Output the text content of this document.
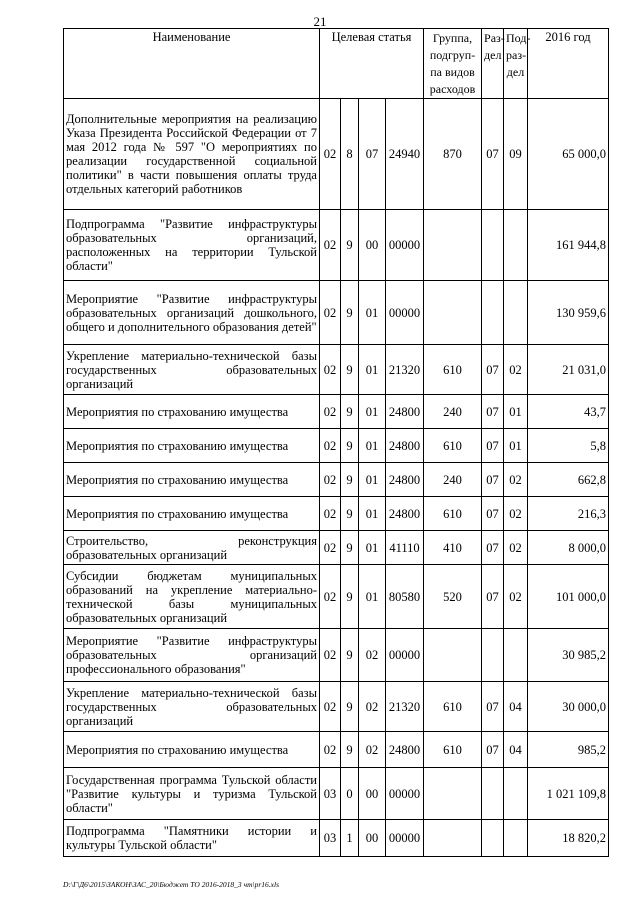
21
Наименование	Целевая статья				Группа, подгруп-па видов расходов	Раз-дел	Под-раз-дел	2016 год
Дополнительные мероприятия на реализацию Указа Президента Российской Федерации от 7 мая 2012 года № 597 "О мероприятиях по реализации государственной социальной политики" в части повышения оплаты труда отдельных категорий работников	02	8	07	24940	870	07	09	65 000,0
Подпрограмма "Развитие инфраструктуры образовательных организаций, расположенных на территории Тульской области"	02	9	00	00000				161 944,8
Мероприятие "Развитие инфраструктуры образовательных организаций дошкольного, общего и дополнительного образования детей"	02	9	01	00000				130 959,6
Укрепление материально-технической базы государственных образовательных организаций	02	9	01	21320	610	07	02	21 031,0
Мероприятия по страхованию имущества	02	9	01	24800	240	07	01	43,7
Мероприятия по страхованию имущества	02	9	01	24800	610	07	01	5,8
Мероприятия по страхованию имущества	02	9	01	24800	240	07	02	662,8
Мероприятия по страхованию имущества	02	9	01	24800	610	07	02	216,3
Строительство, реконструкция образовательных организаций	02	9	01	41110	410	07	02	8 000,0
Субсидии бюджетам муниципальных образований на укрепление материально-технической базы муниципальных образовательных организаций	02	9	01	80580	520	07	02	101 000,0
Мероприятие "Развитие инфраструктуры образовательных организаций профессионального образования"	02	9	02	00000				30 985,2
Укрепление материально-технической базы государственных образовательных организаций	02	9	02	21320	610	07	04	30 000,0
Мероприятия по страхованию имущества	02	9	02	24800	610	07	04	985,2
Государственная программа Тульской области "Развитие культуры и туризма Тульской области"	03	0	00	00000				1 021 109,8
Подпрограмма "Памятники истории и культуры Тульской области"	03	1	00	00000				18 820,2
D:\Г\Д6\2015\ЗАКОН\ЗАС_20\Бюджет ТО 2016-2018_3 чт\pr16.xls
